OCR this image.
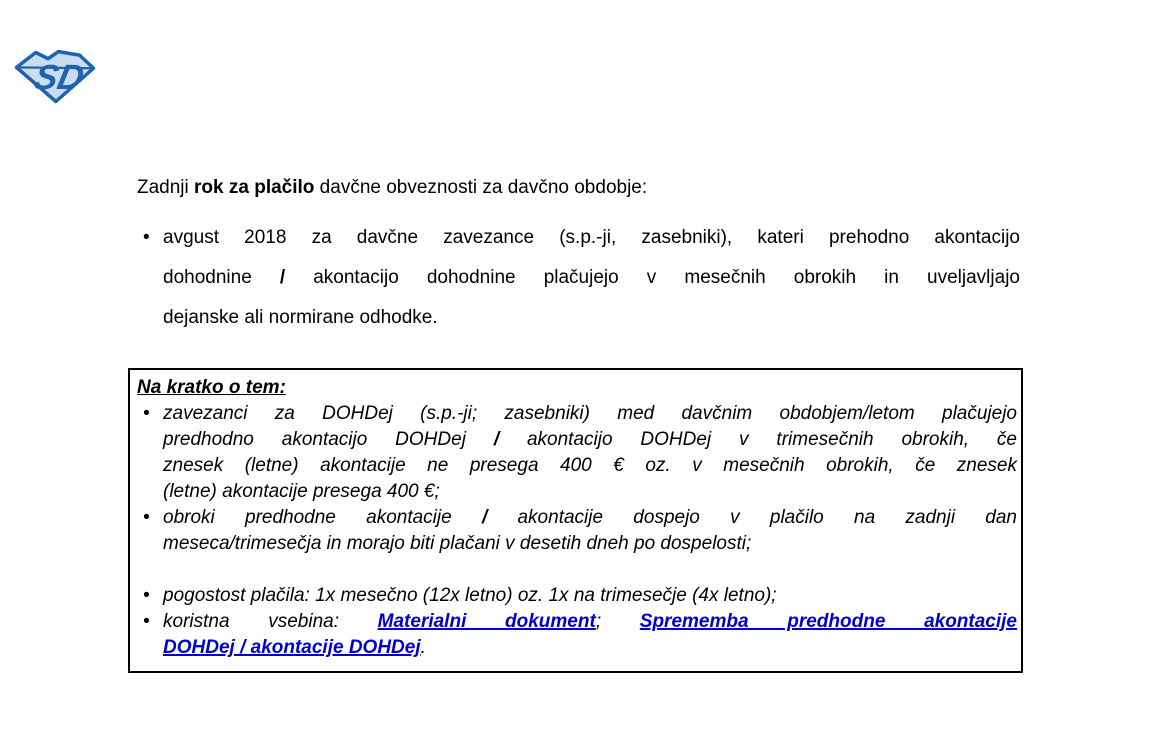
SD

Zadnji rok za plačilo davčne obveznosti za davčno obdobje:

• avgust 2018 za davčne zavezance (s.p.-ji, zasebniki), kateri prehodno akontacijo
dohodnine / akontacijo dohodnine plačujejo v mesečnih obrokih in uveljavljajo
dejanske ali normirane odhodke.

Na kratko o tem:

• zavezanci za DOHDej (s.p.-ji; zasebniki) med davčnim obdobjem/letom plačujejo
predhodno akontacijo DOHDej / akontacijo DOHDej v trimesečnih obrokih, če
znesek (letne) akontacije ne presega 400 € oz. v mesečnih obrokih, če znesek
(letne) akontacije presega 400 €;
• obroki predhodne akontacije / akontacije dospejo v plačilo na zadnji dan
meseca/trimesečja in morajo biti plačani v desetih dneh po dospelosti;
• pogostost plačila: 1x mesečno (12x letno) oz. 1x na trimesečje (4x letno);
• koristna vsebina: Materialni dokument; Sprememba predhodne akontacije
DOHDej / akontacije DOHDej.
